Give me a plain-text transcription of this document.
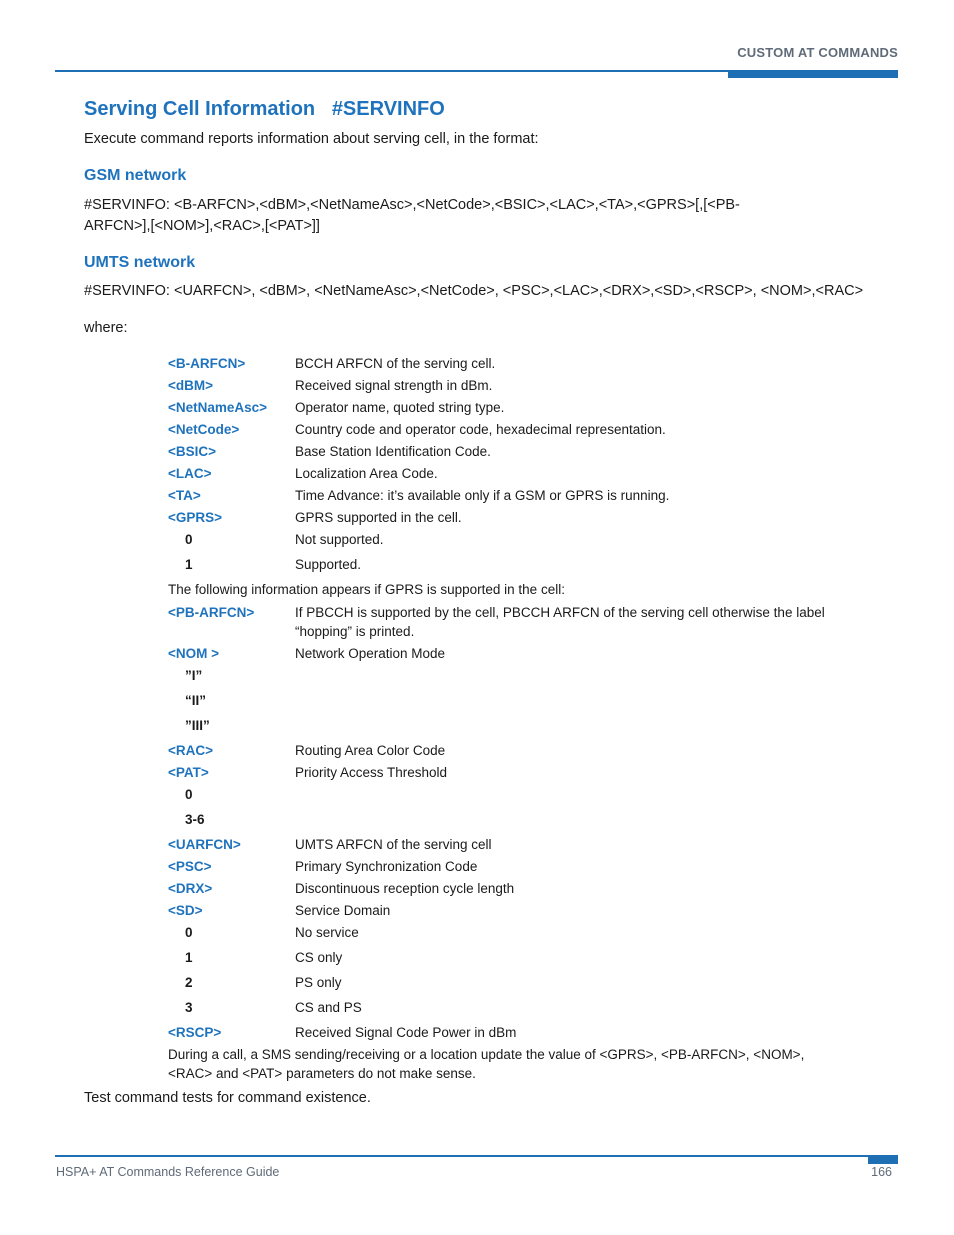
CUSTOM AT COMMANDS
Serving Cell Information   #SERVINFO
Execute command reports information about serving cell, in the format:
GSM network
#SERVINFO: <B-ARFCN>,<dBM>,<NetNameAsc>,<NetCode>,<BSIC>,<LAC>,<TA>,<GPRS>[,[<PB-
ARFCN>],[<NOM>],<RAC>,[<PAT>]]
UMTS network
#SERVINFO: <UARFCN>, <dBM>, <NetNameAsc>,<NetCode>, <PSC>,<LAC>,<DRX>,<SD>,<RSCP>, <NOM>,<RAC>
where:
<B-ARFCN>	BCCH ARFCN of the serving cell.
<dBM>	Received signal strength in dBm.
<NetNameAsc>	Operator name, quoted string type.
<NetCode>	Country code and operator code, hexadecimal representation.
<BSIC>	Base Station Identification Code.
<LAC>	Localization Area Code.
<TA>	Time Advance: it’s available only if a GSM or GPRS is running.
<GPRS>	GPRS supported in the cell.
0	Not supported.
1	Supported.
The following information appears if GPRS is supported in the cell:
<PB-ARFCN>	If PBCCH is supported by the cell, PBCCH ARFCN of the serving cell otherwise the label “hopping” is printed.
<NOM >	Network Operation Mode
”I”
“II”
”III”
<RAC>	Routing Area Color Code
<PAT>	Priority Access Threshold
0
3-6
<UARFCN>	UMTS ARFCN of the serving cell
<PSC>	Primary Synchronization Code
<DRX>	Discontinuous reception cycle length
<SD>	Service Domain
0	No service
1	CS only
2	PS only
3	CS and PS
<RSCP>	Received Signal Code Power in dBm
During a call, a SMS sending/receiving or a location update the value of <GPRS>, <PB-ARFCN>, <NOM>, <RAC> and <PAT> parameters do not make sense.
Test command tests for command existence.
HSPA+ AT Commands Reference Guide	166
